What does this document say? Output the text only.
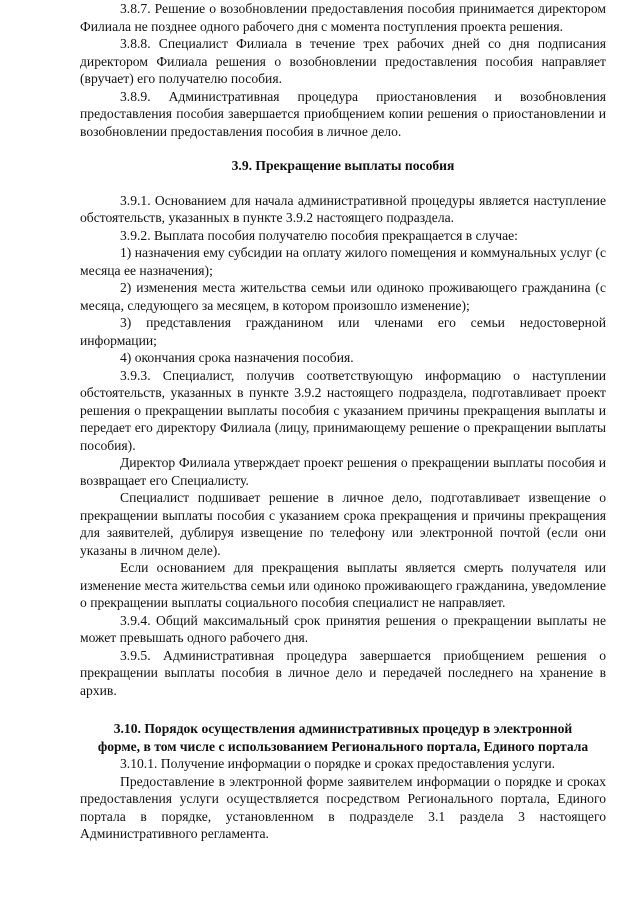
3.8.7. Решение о возобновлении предоставления пособия принимается директором Филиала не позднее одного рабочего дня с момента поступления проекта решения.

3.8.8. Специалист Филиала в течение трех рабочих дней со дня подписания директором Филиала решения о возобновлении предоставления пособия направляет (вручает) его получателю пособия.

3.8.9. Административная процедура приостановления и возобновления предоставления пособия завершается приобщением копии решения о приостановлении и возобновлении предоставления пособия в личное дело.

3.9. Прекращение выплаты пособия

3.9.1. Основанием для начала административной процедуры является наступление обстоятельств, указанных в пункте 3.9.2 настоящего подраздела.

3.9.2. Выплата пособия получателю пособия прекращается в случае:

1) назначения ему субсидии на оплату жилого помещения и коммунальных услуг (с месяца ее назначения);

2) изменения места жительства семьи или одиноко проживающего гражданина (с месяца, следующего за месяцем, в котором произошло изменение);

3) представления гражданином или членами его семьи недостоверной информации;

4) окончания срока назначения пособия.

3.9.3. Специалист, получив соответствующую информацию о наступлении обстоятельств, указанных в пункте 3.9.2 настоящего подраздела, подготавливает проект решения о прекращении выплаты пособия с указанием причины прекращения выплаты и передает его директору Филиала (лицу, принимающему решение о прекращении выплаты пособия).

Директор Филиала утверждает проект решения о прекращении выплаты пособия и возвращает его Специалисту.

Специалист подшивает решение в личное дело, подготавливает извещение о прекращении выплаты пособия с указанием срока прекращения и причины прекращения для заявителей, дублируя извещение по телефону или электронной почтой (если они указаны в личном деле).

Если основанием для прекращения выплаты является смерть получателя или изменение места жительства семьи или одиноко проживающего гражданина, уведомление о прекращении выплаты социального пособия специалист не направляет.

3.9.4. Общий максимальный срок принятия решения о прекращении выплаты не может превышать одного рабочего дня.

3.9.5. Административная процедура завершается приобщением решения о прекращении выплаты пособия в личное дело и передачей последнего на хранение в архив.

3.10. Порядок осуществления административных процедур в электронной
форме, в том числе с использованием Регионального портала, Единого портала

3.10.1. Получение информации о порядке и сроках предоставления услуги.

Предоставление в электронной форме заявителем информации о порядке и сроках предоставления услуги осуществляется посредством Регионального портала, Единого портала в порядке, установленном в подразделе 3.1 раздела 3 настоящего Административного регламента.
